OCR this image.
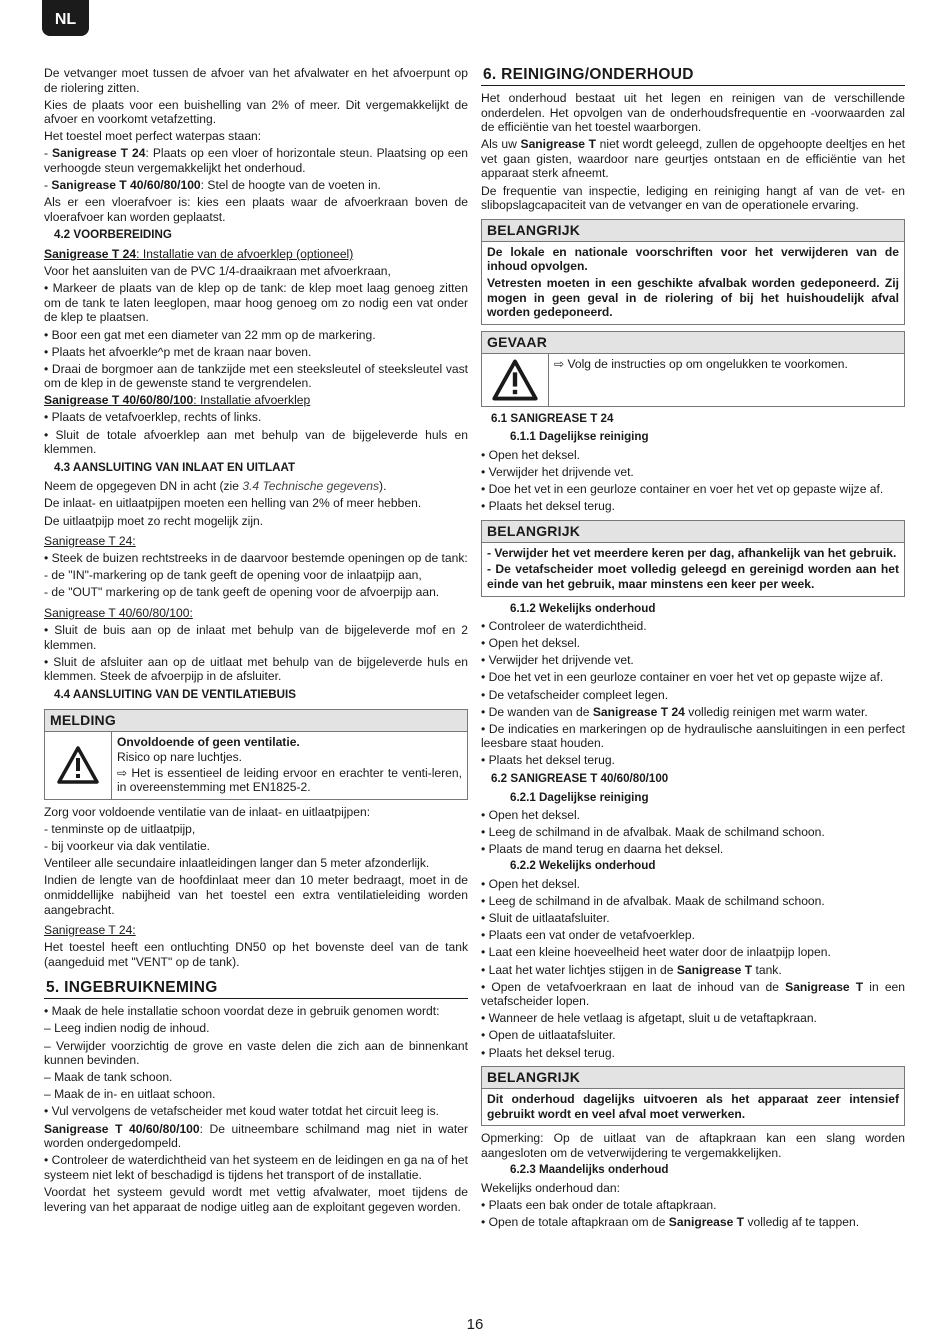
NL

De vetvanger moet tussen de afvoer van het afvalwater en het afvoerpunt op de riolering zitten.

Kies de plaats voor een buishelling van 2% of meer. Dit vergemakkelijkt de afvoer en voorkomt vetafzetting.

Het toestel moet perfect waterpas staan:

- Sanigrease T 24: Plaats op een vloer of horizontale steun. Plaatsing op een verhoogde steun vergemakkelijkt het onderhoud.

- Sanigrease T 40/60/80/100: Stel de hoogte van de voeten in.

Als er een vloerafvoer is: kies een plaats waar de afvoerkraan boven de vloerafvoer kan worden geplaatst.

4.2 VOORBEREIDING

Sanigrease T 24: Installatie van de afvoerklep (optioneel)

Voor het aansluiten van de PVC 1/4-draaikraan met afvoerkraan,

• Markeer de plaats van de klep op de tank: de klep moet laag genoeg zitten om de tank te laten leeglopen, maar hoog genoeg om zo nodig een vat onder de klep te plaatsen.

• Boor een gat met een diameter van 22 mm op de markering.

• Plaats het afvoerkle^p met de kraan naar boven.

• Draai de borgmoer aan de tankzijde met een steeksleutel of steeksleutel vast om de klep in de gewenste stand te vergrendelen.

Sanigrease T 40/60/80/100: Installatie afvoerklep

• Plaats de vetafvoerklep, rechts of links.

• Sluit de totale afvoerklep aan met behulp van de bijgeleverde huls en klemmen.

4.3 AANSLUITING VAN INLAAT EN UITLAAT

Neem de opgegeven DN in acht (zie 3.4 Technische gegevens).

De inlaat- en uitlaatpijpen moeten een helling van 2% of meer hebben.

De uitlaatpijp moet zo recht mogelijk zijn.

Sanigrease T 24:

• Steek de buizen rechtstreeks in de daarvoor bestemde openingen op de tank:

- de "IN"-markering op de tank geeft de opening voor de inlaatpijp aan,

- de "OUT" markering op de tank geeft de opening voor de afvoerpijp aan.

Sanigrease T 40/60/80/100:

• Sluit de buis aan op de inlaat met behulp van de bijgeleverde mof en 2 klemmen.

• Sluit de afsluiter aan op de uitlaat met behulp van de bijgeleverde huls en klemmen. Steek de afvoerpijp in de afsluiter.

4.4 AANSLUITING VAN DE VENTILATIEBUIS
MELDING

Onvoldoende of geen ventilatie.

Risico op nare luchtjes.

⇨ Het is essentieel de leiding ervoor en erachter te venti-leren, in overeenstemming met EN1825-2.

Zorg voor voldoende ventilatie van de inlaat- en uitlaatpijpen:

- tenminste op de uitlaatpijp,

- bij voorkeur via dak ventilatie.

Ventileer alle secundaire inlaatleidingen langer dan 5 meter afzonderlijk.

Indien de lengte van de hoofdinlaat meer dan 10 meter bedraagt, moet in de onmiddellijke nabijheid van het toestel een extra ventilatieleiding worden aangebracht.

Sanigrease T 24:

Het toestel heeft een ontluchting DN50 op het bovenste deel van de tank (aangeduid met "VENT" op de tank).

5. INGEBRUIKNEMING

• Maak de hele installatie schoon voordat deze in gebruik genomen wordt:

– Leeg indien nodig de inhoud.

– Verwijder voorzichtig de grove en vaste delen die zich aan de binnenkant kunnen bevinden.

– Maak de tank schoon.

– Maak de in- en uitlaat schoon.

• Vul vervolgens de vetafscheider met koud water totdat het circuit leeg is.

Sanigrease T 40/60/80/100: De uitneembare schilmand mag niet in water worden ondergedompeld.

• Controleer de waterdichtheid van het systeem en de leidingen en ga na of het systeem niet lekt of beschadigd is tijdens het transport of de installatie.

Voordat het systeem gevuld wordt met vettig afvalwater, moet tijdens de levering van het apparaat de nodige uitleg aan de exploitant gegeven worden.

6. REINIGING/ONDERHOUD

Het onderhoud bestaat uit het legen en reinigen van de verschillende onderdelen. Het opvolgen van de onderhoudsfrequentie en -voorwaarden zal de efficiëntie van het toestel waarborgen.

Als uw Sanigrease T niet wordt geleegd, zullen de opgehoopte deeltjes en het vet gaan gisten, waardoor nare geurtjes ontstaan en de efficiëntie van het apparaat sterk afneemt.

De frequentie van inspectie, lediging en reiniging hangt af van de vet- en slibopslagcapaciteit van de vetvanger en van de operationele ervaring.

BELANGRIJK

De lokale en nationale voorschriften voor het verwijderen van de inhoud opvolgen.

Vetresten moeten in een geschikte afvalbak worden gedeponeerd. Zij mogen in geen geval in de riolering of bij het huishoudelijk afval worden gedeponeerd.

GEVAAR

⇨ Volg de instructies op om ongelukken te voorkomen.

6.1 SANIGREASE T 24
6.1.1 Dagelijkse reiniging

• Open het deksel.

• Verwijder het drijvende vet.

• Doe het vet in een geurloze container en voer het vet op gepaste wijze af.

• Plaats het deksel terug.

BELANGRIJK

- Verwijder het vet meerdere keren per dag, afhankelijk van het gebruik.

- De vetafscheider moet volledig geleegd en gereinigd worden aan het einde van het gebruik, maar minstens een keer per week.

6.1.2 Wekelijks onderhoud

• Controleer de waterdichtheid.

• Open het deksel.

• Verwijder het drijvende vet.

• Doe het vet in een geurloze container en voer het vet op gepaste wijze af.

• De vetafscheider compleet legen.

• De wanden van de Sanigrease T 24 volledig reinigen met warm water.

• De indicaties en markeringen op de hydraulische aansluitingen in een perfect leesbare staat houden.

• Plaats het deksel terug.

6.2 SANIGREASE T 40/60/80/100
6.2.1 Dagelijkse reiniging

• Open het deksel.

• Leeg de schilmand in de afvalbak. Maak de schilmand schoon.

• Plaats de mand terug en daarna het deksel.

6.2.2 Wekelijks onderhoud

• Open het deksel.

• Leeg de schilmand in de afvalbak. Maak de schilmand schoon.

• Sluit de uitlaatafsluiter.

• Plaats een vat onder de vetafvoerklep.

• Laat een kleine hoeveelheid heet water door de inlaatpijp lopen.

• Laat het water lichtjes stijgen in de Sanigrease T tank.

• Open de vetafvoerkraan en laat de inhoud van de Sanigrease T in een vetafscheider lopen.

• Wanneer de hele vetlaag is afgetapt, sluit u de vetaftapkraan.

• Open de uitlaatafsluiter.

• Plaats het deksel terug.

BELANGRIJK

Dit onderhoud dagelijks uitvoeren als het apparaat zeer intensief gebruikt wordt en veel afval moet verwerken.

Opmerking: Op de uitlaat van de aftapkraan kan een slang worden aangesloten om de vetverwijdering te vergemakkelijken.

6.2.3 Maandelijks onderhoud

Wekelijks onderhoud dan:

• Plaats een bak onder de totale aftapkraan.

• Open de totale aftapkraan om de Sanigrease T volledig af te tappen.

16
